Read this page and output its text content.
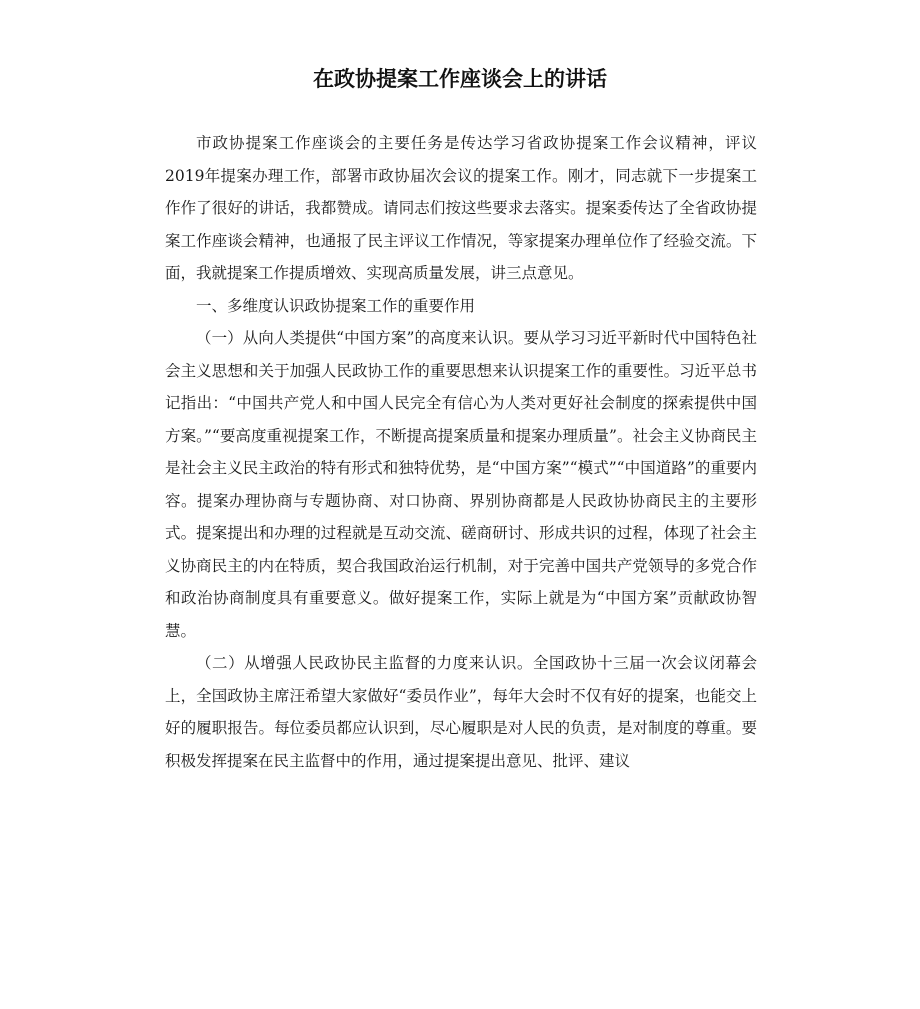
在政协提案工作座谈会上的讲话

市政协提案工作座谈会的主要任务是传达学习省政协提案工作会议精神，评议2019年提案办理工作，部署市政协届次会议的提案工作。刚才，同志就下一步提案工作作了很好的讲话，我都赞成。请同志们按这些要求去落实。提案委传达了全省政协提案工作座谈会精神，也通报了民主评议工作情况，等家提案办理单位作了经验交流。下面，我就提案工作提质增效、实现高质量发展，讲三点意见。

一、多维度认识政协提案工作的重要作用

（一）从向人类提供“中国方案”的高度来认识。要从学习习近平新时代中国特色社会主义思想和关于加强人民政协工作的重要思想来认识提案工作的重要性。习近平总书记指出：“中国共产党人和中国人民完全有信心为人类对更好社会制度的探索提供中国方案。”“要高度重视提案工作，不断提高提案质量和提案办理质量”。社会主义协商民主是社会主义民主政治的特有形式和独特优势，是“中国方案”“模式”“中国道路”的重要内容。提案办理协商与专题协商、对口协商、界别协商都是人民政协协商民主的主要形式。提案提出和办理的过程就是互动交流、磋商研讨、形成共识的过程，体现了社会主义协商民主的内在特质，契合我国政治运行机制，对于完善中国共产党领导的多党合作和政治协商制度具有重要意义。做好提案工作，实际上就是为“中国方案”贡献政协智慧。

（二）从增强人民政协民主监督的力度来认识。全国政协十三届一次会议闭幕会上，全国政协主席汪希望大家做好“委员作业”，每年大会时不仅有好的提案，也能交上好的履职报告。每位委员都应认识到，尽心履职是对人民的负责，是对制度的尊重。要积极发挥提案在民主监督中的作用，通过提案提出意见、批评、建议
